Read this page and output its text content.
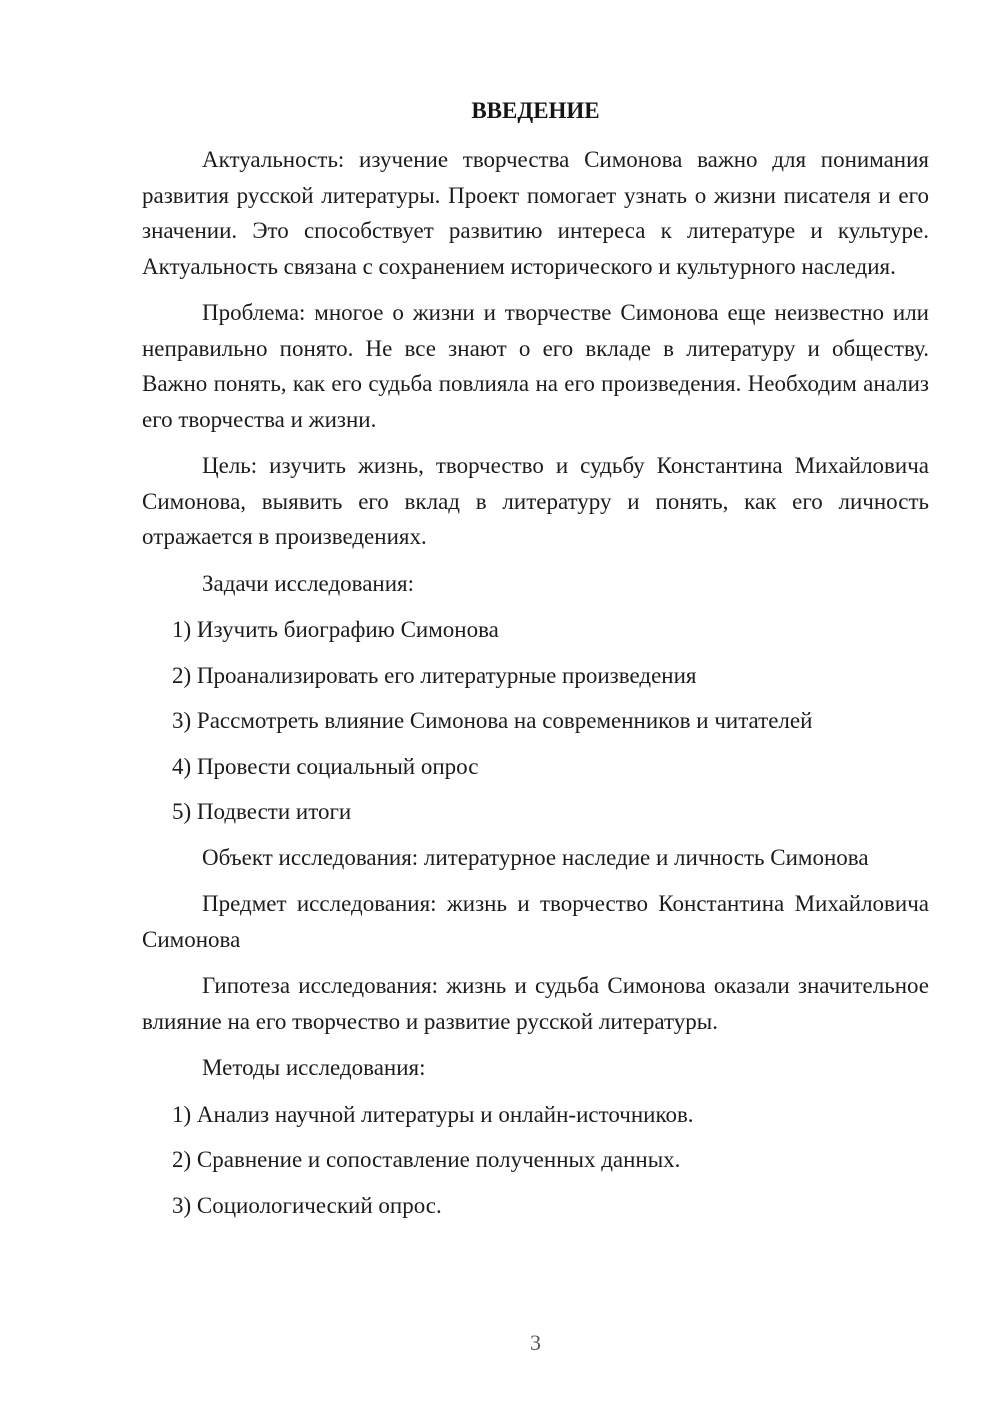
ВВЕДЕНИЕ

Актуальность: изучение творчества Симонова важно для понимания развития русской литературы. Проект помогает узнать о жизни писателя и его значении. Это способствует развитию интереса к литературе и культуре. Актуальность связана с сохранением исторического и культурного наследия.

Проблема: многое о жизни и творчестве Симонова еще неизвестно или неправильно понято. Не все знают о его вкладе в литературу и обществу. Важно понять, как его судьба повлияла на его произведения. Необходим анализ его творчества и жизни.

Цель: изучить жизнь, творчество и судьбу Константина Михайловича Симонова, выявить его вклад в литературу и понять, как его личность отражается в произведениях.

Задачи исследования:

1) Изучить биографию Симонова

2) Проанализировать его литературные произведения

3) Рассмотреть влияние Симонова на современников и читателей

4) Провести социальный опрос

5) Подвести итоги

Объект исследования: литературное наследие и личность Симонова

Предмет исследования: жизнь и творчество Константина Михайловича Симонова

Гипотеза исследования: жизнь и судьба Симонова оказали значительное влияние на его творчество и развитие русской литературы.

Методы исследования:

1) Анализ научной литературы и онлайн-источников.

2) Сравнение и сопоставление полученных данных.

3) Социологический опрос.

3
